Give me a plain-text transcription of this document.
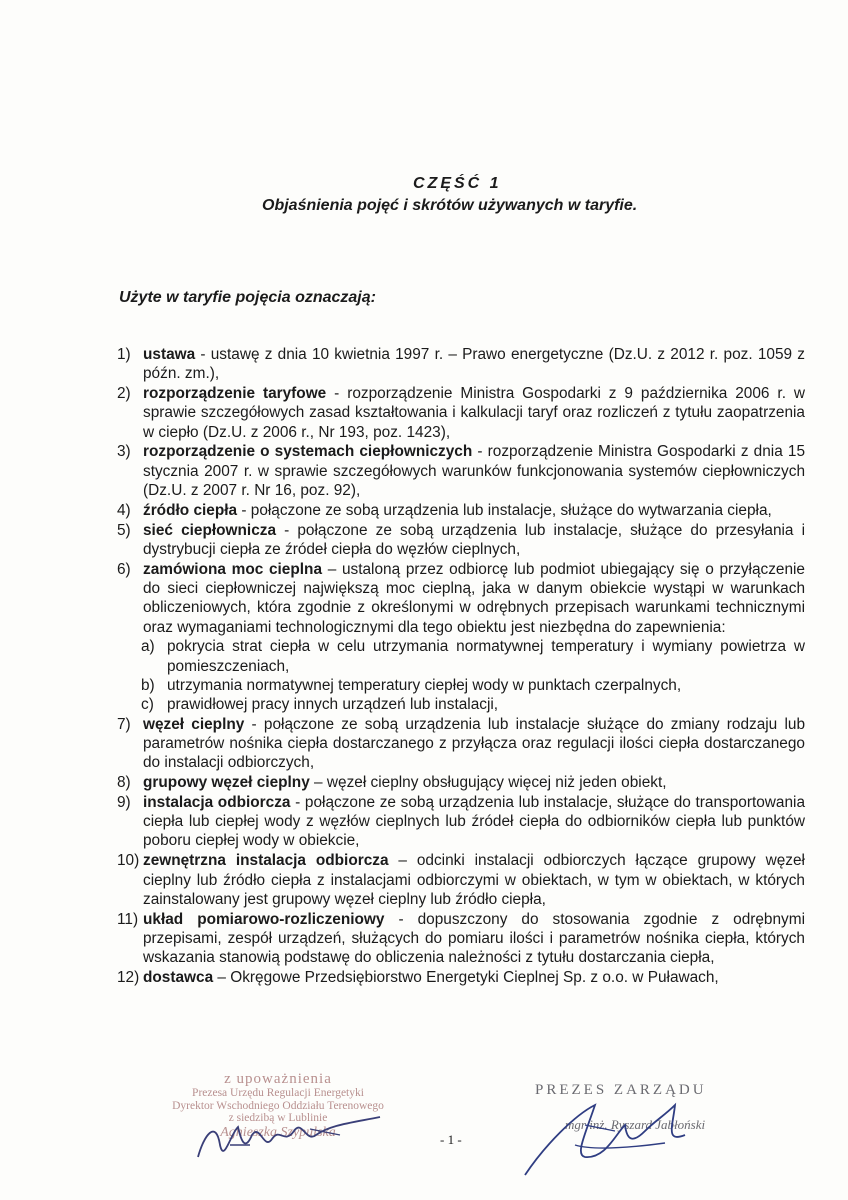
CZĘŚĆ 1
Objaśnienia pojęć i skrótów używanych w taryfie.
Użyte w taryfie pojęcia oznaczają:
1) ustawa - ustawę z dnia 10 kwietnia 1997 r. – Prawo energetyczne (Dz.U. z 2012 r. poz. 1059 z późn. zm.),
2) rozporządzenie taryfowe - rozporządzenie Ministra Gospodarki z 9 października 2006 r. w sprawie szczegółowych zasad kształtowania i kalkulacji taryf oraz rozliczeń z tytułu zaopatrzenia w ciepło (Dz.U. z 2006 r., Nr 193, poz. 1423),
3) rozporządzenie o systemach ciepłowniczych - rozporządzenie Ministra Gospodarki z dnia 15 stycznia 2007 r. w sprawie szczegółowych warunków funkcjonowania systemów ciepłowniczych (Dz.U. z 2007 r. Nr 16, poz. 92),
4) źródło ciepła - połączone ze sobą urządzenia lub instalacje, służące do wytwarzania ciepła,
5) sieć ciepłownicza - połączone ze sobą urządzenia lub instalacje, służące do przesyłania i dystrybucji ciepła ze źródeł ciepła do węzłów cieplnych,
6) zamówiona moc cieplna – ustaloną przez odbiorcę lub podmiot ubiegający się o przyłączenie do sieci ciepłowniczej największą moc cieplną, jaka w danym obiekcie wystąpi w warunkach obliczeniowych, która zgodnie z określonymi w odrębnych przepisach warunkami technicznymi oraz wymaganiami technologicznymi dla tego obiektu jest niezbędna do zapewnienia:
a) pokrycia strat ciepła w celu utrzymania normatywnej temperatury i wymiany powietrza w pomieszczeniach,
b) utrzymania normatywnej temperatury ciepłej wody w punktach czerpalnych,
c) prawidłowej pracy innych urządzeń lub instalacji,
7) węzeł cieplny - połączone ze sobą urządzenia lub instalacje służące do zmiany rodzaju lub parametrów nośnika ciepła dostarczanego z przyłącza oraz regulacji ilości ciepła dostarczanego do instalacji odbiorczych,
8) grupowy węzeł cieplny – węzeł cieplny obsługujący więcej niż jeden obiekt,
9) instalacja odbiorcza - połączone ze sobą urządzenia lub instalacje, służące do transportowania ciepła lub ciepłej wody z węzłów cieplnych lub źródeł ciepła do odbiorników ciepła lub punktów poboru ciepłej wody w obiekcie,
10) zewnętrzna instalacja odbiorcza – odcinki instalacji odbiorczych łączące grupowy węzeł cieplny lub źródło ciepła z instalacjami odbiorczymi w obiektach, w tym w obiektach, w których zainstalowany jest grupowy węzeł cieplny lub źródło ciepła,
11) układ pomiarowo-rozliczeniowy - dopuszczony do stosowania zgodnie z odrębnymi przepisami, zespół urządzeń, służących do pomiaru ilości i parametrów nośnika ciepła, których wskazania stanowią podstawę do obliczenia należności z tytułu dostarczania ciepła,
12) dostawca – Okręgowe Przedsiębiorstwo Energetyki Cieplnej Sp. z o.o. w Puławach,
z upoważnienia
Prezesa Urzędu Regulacji Energetyki
Dyrektor Wschodniego Oddziału Terenowego
z siedzibą w Lublinie
Agnieszka Szypulska	- 1 -
PREZES ZARZĄDU
mgr inż. Ryszard Jabłoński
